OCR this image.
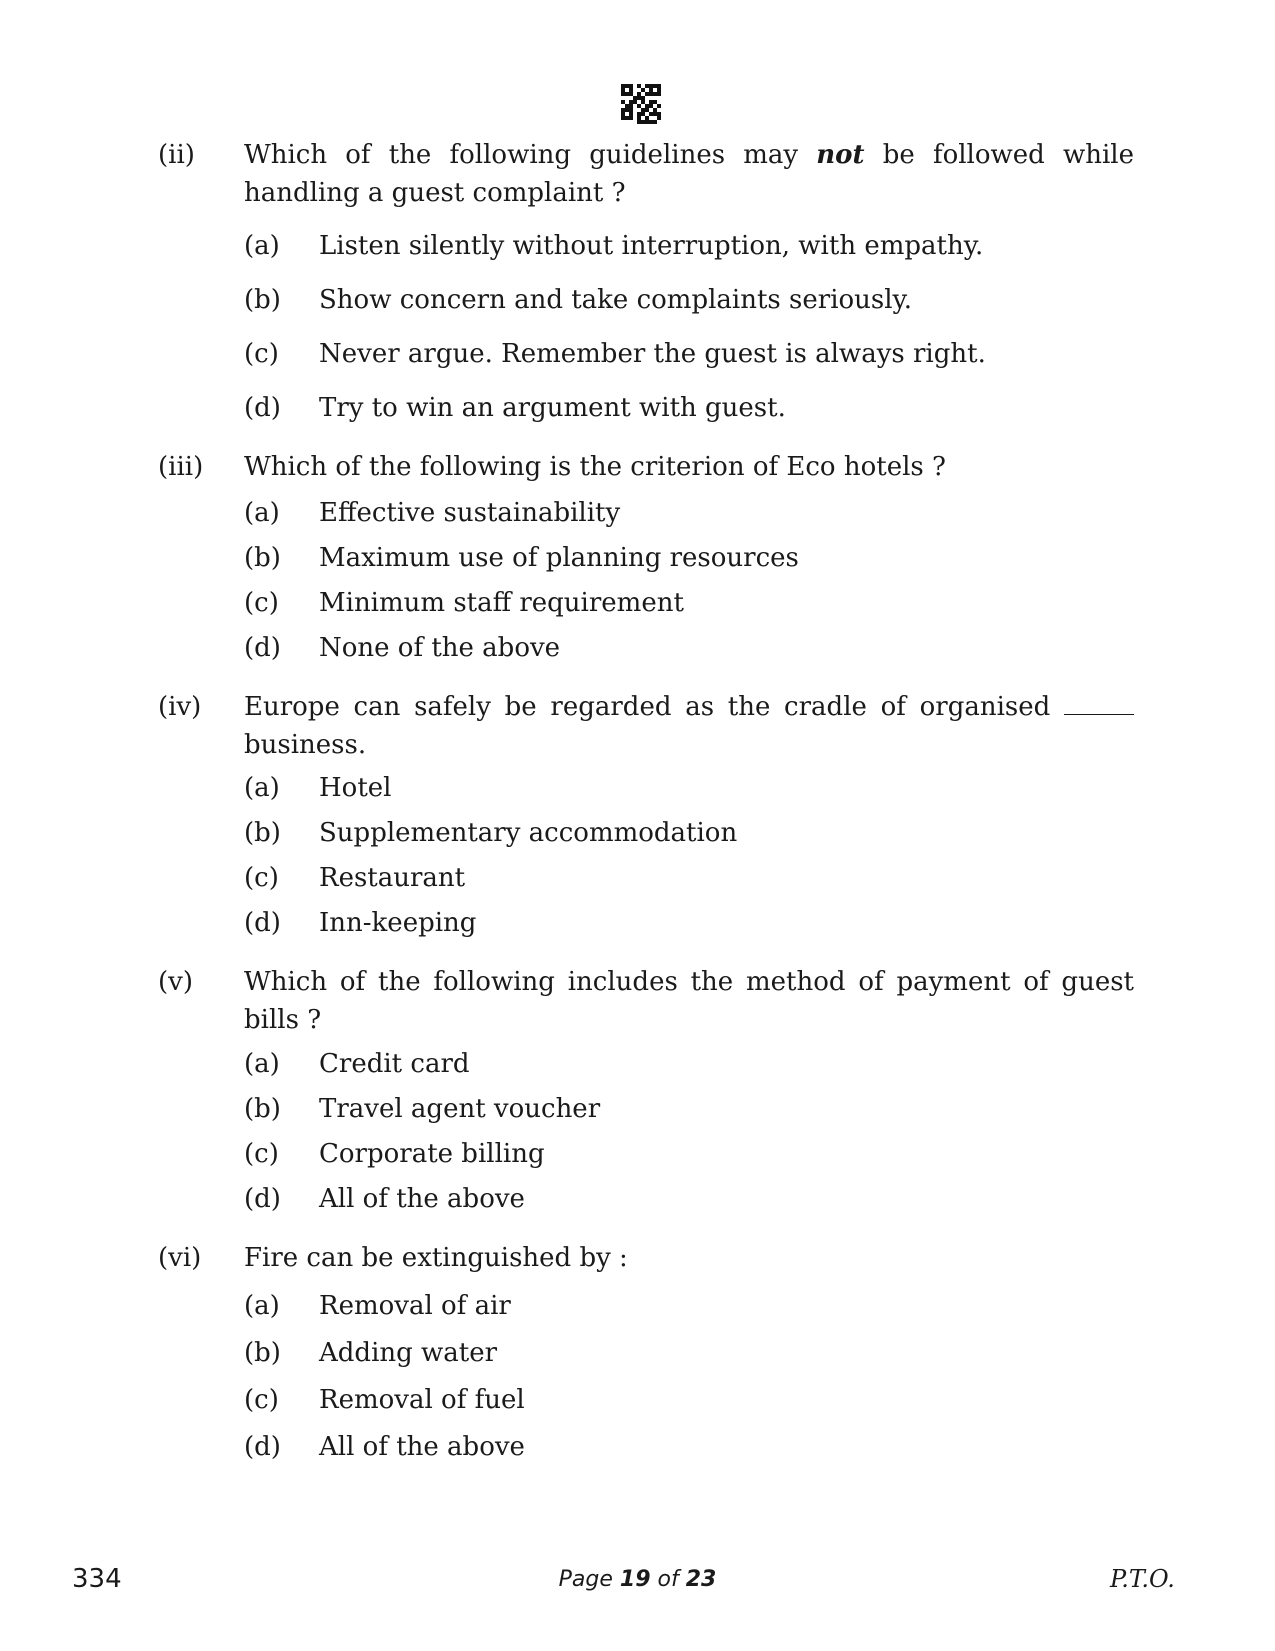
(ii) Which of the following guidelines may not be followed while handling a guest complaint ?

(a) Listen silently without interruption, with empathy.
(b) Show concern and take complaints seriously.
(c) Never argue. Remember the guest is always right.
(d) Try to win an argument with guest.
(iii) Which of the following is the criterion of Eco hotels ?

(a) Effective sustainability
(b) Maximum use of planning resources
(c) Minimum staff requirement
(d) None of the above
(iv) Europe can safely be regarded as the cradle of organised  business.

(a) Hotel
(b) Supplementary accommodation
(c) Restaurant
(d) Inn-keeping
(v) Which of the following includes the method of payment of guest bills ?

(a) Credit card
(b) Travel agent voucher
(c) Corporate billing
(d) All of the above
(vi) Fire can be extinguished by :

(a) Removal of air
(b) Adding water
(c) Removal of fuel
(d) All of the above
334	Page 19 of 23	P.T.O.
